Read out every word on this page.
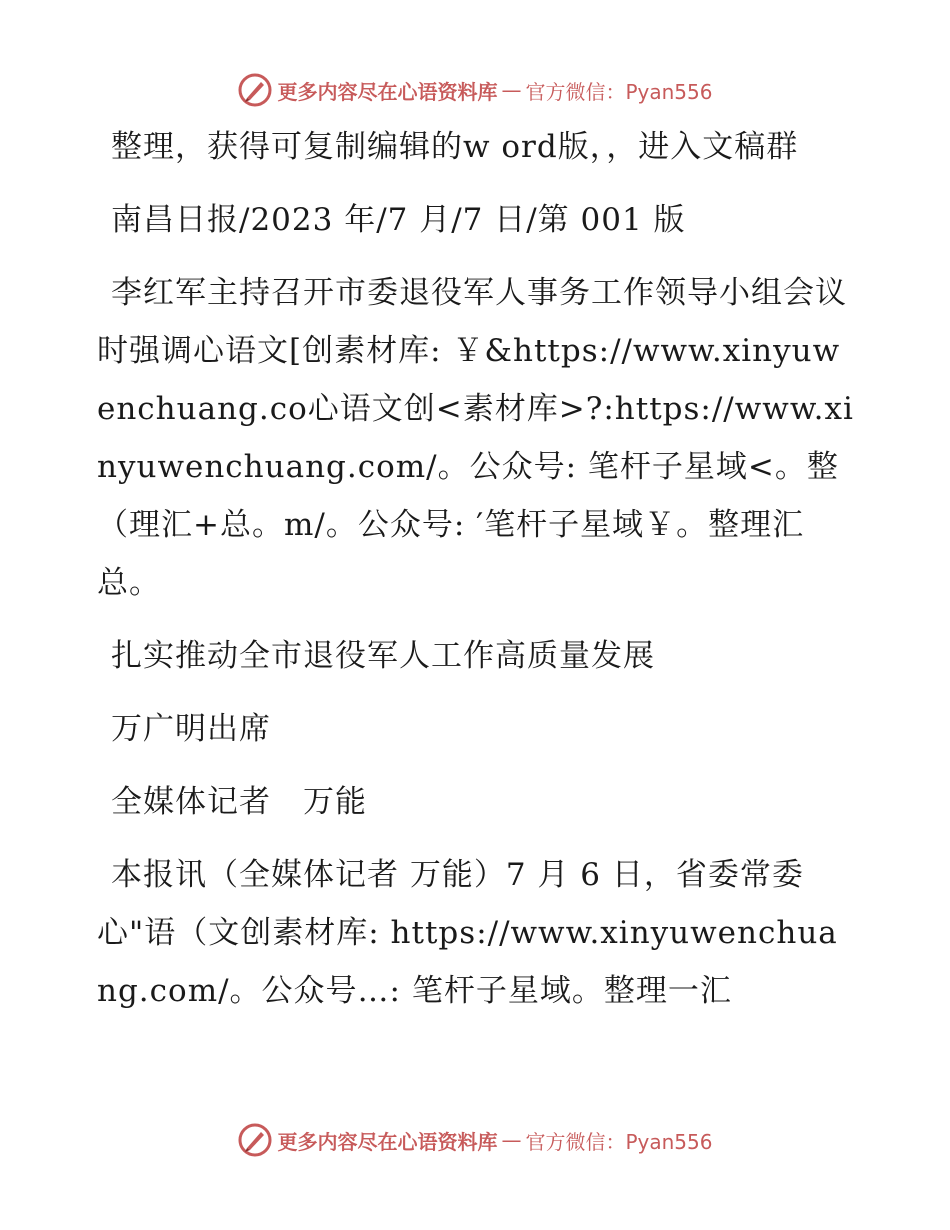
更多内容尽在心语资料库 — 官方微信：Pyan556

整理，获得可复制编辑的w ord版，，进入文稿群

南昌日报/2023 年/7 月/7 日/第 001 版

李红军主持召开市委退役军人事务工作领导小组会议时强调心语文[创素材库: ￥&https://www.xinyuwenchuang.co心语文创<素材库>?:https://www.xinyuwenchuang.com/。公众号: 笔杆子星域<。整（理汇+总。m/。公众号: ′笔杆子星域￥。整理汇总。

扎实推动全市退役军人工作高质量发展

万广明出席

全媒体记者　万能

本报讯（全媒体记者 万能）7 月 6 日，省委常委心"语（文创素材库: https://www.xinyuwenchuang.com/。公众号…: 笔杆子星域。整理一汇

更多内容尽在心语资料库 — 官方微信：Pyan556
